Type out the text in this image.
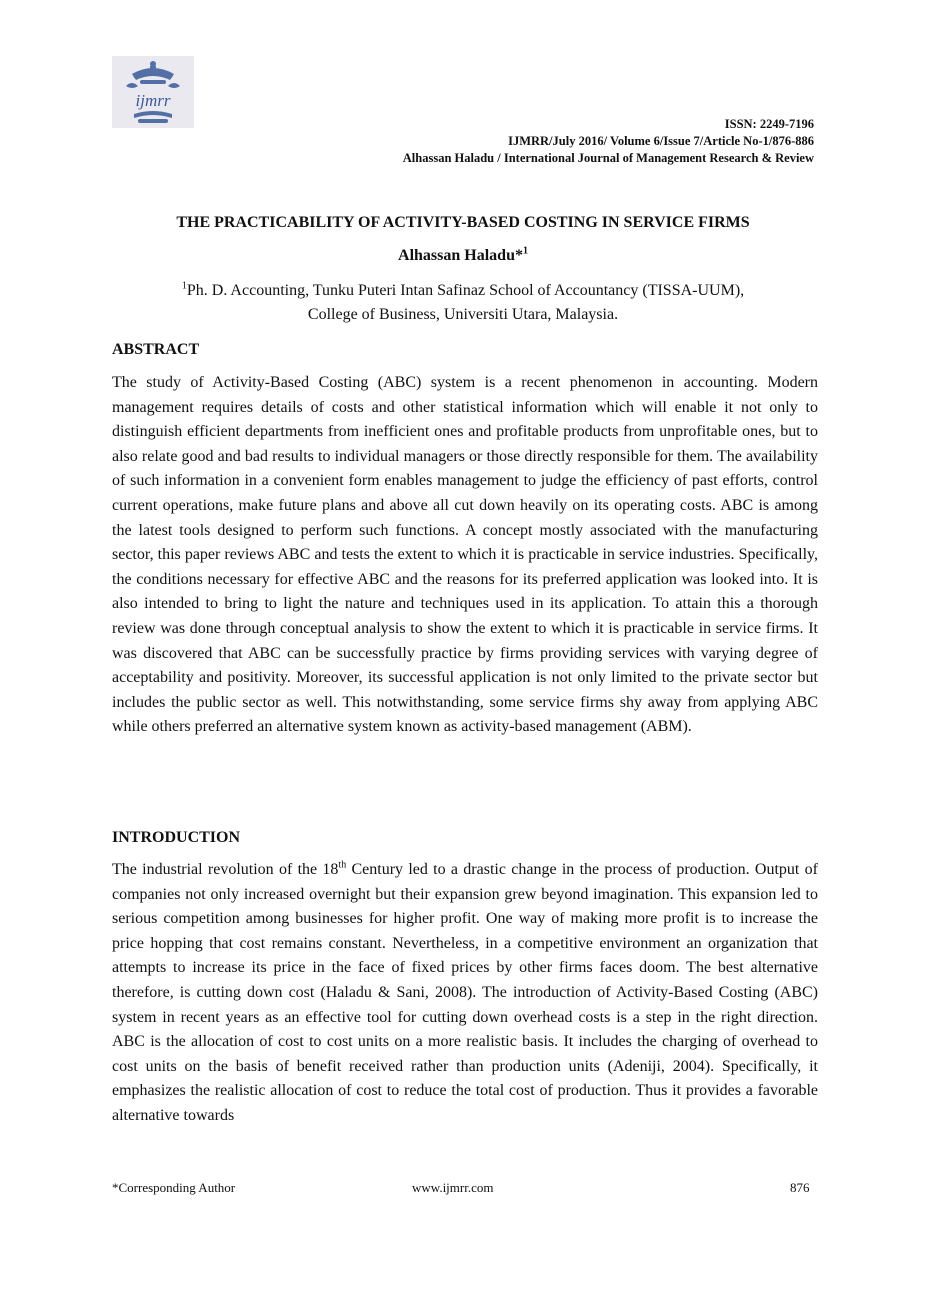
ijmrr
ISSN: 2249-7196
IJMRR/July 2016/ Volume 6/Issue 7/Article No-1/876-886
Alhassan Haladu / International Journal of Management Research & Review
THE PRACTICABILITY OF ACTIVITY-BASED COSTING IN SERVICE FIRMS
Alhassan Haladu*$^1$
$^1$Ph. D. Accounting, Tunku Puteri Intan Safinaz School of Accountancy (TISSA-UUM),
College of Business, Universiti Utara, Malaysia.
ABSTRACT

The study of Activity-Based Costing (ABC) system is a recent phenomenon in accounting. Modern management requires details of costs and other statistical information which will enable it not only to distinguish efficient departments from inefficient ones and profitable products from unprofitable ones, but to also relate good and bad results to individual managers or those directly responsible for them. The availability of such information in a convenient form enables management to judge the efficiency of past efforts, control current operations, make future plans and above all cut down heavily on its operating costs. ABC is among the latest tools designed to perform such functions. A concept mostly associated with the manufacturing sector, this paper reviews ABC and tests the extent to which it is practicable in service industries. Specifically, the conditions necessary for effective ABC and the reasons for its preferred application was looked into. It is also intended to bring to light the nature and techniques used in its application. To attain this a thorough review was done through conceptual analysis to show the extent to which it is practicable in service firms. It was discovered that ABC can be successfully practice by firms providing services with varying degree of acceptability and positivity. Moreover, its successful application is not only limited to the private sector but includes the public sector as well. This notwithstanding, some service firms shy away from applying ABC while others preferred an alternative system known as activity-based management (ABM).

INTRODUCTION

The industrial revolution of the 18th Century led to a drastic change in the process of production. Output of companies not only increased overnight but their expansion grew beyond imagination. This expansion led to serious competition among businesses for higher profit. One way of making more profit is to increase the price hopping that cost remains constant. Nevertheless, in a competitive environment an organization that attempts to increase its price in the face of fixed prices by other firms faces doom. The best alternative therefore, is cutting down cost (Haladu & Sani, 2008). The introduction of Activity-Based Costing (ABC) system in recent years as an effective tool for cutting down overhead costs is a step in the right direction. ABC is the allocation of cost to cost units on a more realistic basis. It includes the charging of overhead to cost units on the basis of benefit received rather than production units (Adeniji, 2004). Specifically, it emphasizes the realistic allocation of cost to reduce the total cost of production. Thus it provides a favorable alternative towards

*Corresponding Author	www.ijmrr.com	876
